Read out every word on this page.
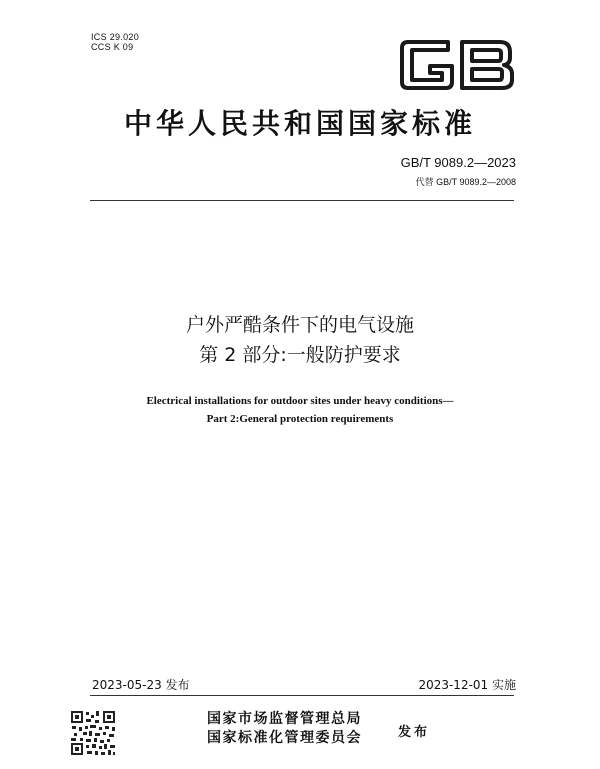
ICS 29.020
CCS K 09
中华人民共和国国家标准
GB/T 9089.2—2023
代替 GB/T 9089.2—2008
户外严酷条件下的电气设施
第 2 部分:一般防护要求
Electrical installations for outdoor sites under heavy conditions—
Part 2:General protection requirements
2023-05-23 发布	2023-12-01 实施
国家市场监督管理总局
国家标准化管理委员会	发布
